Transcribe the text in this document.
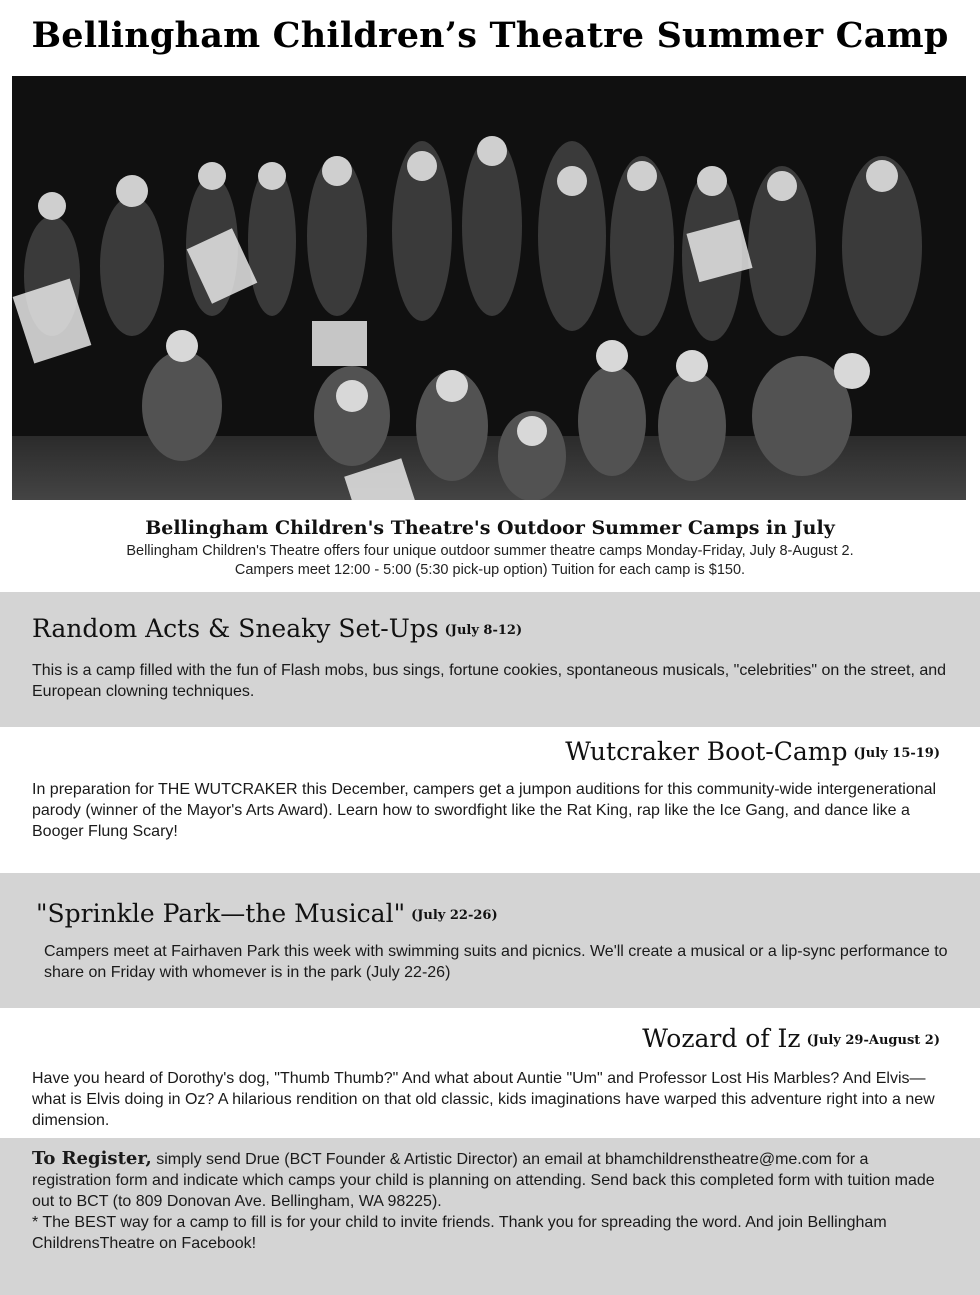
Bellingham Children’s Theatre Summer Camp

Bellingham Children's Theatre's Outdoor Summer Camps in July

Bellingham Children's Theatre offers four unique outdoor summer theatre camps Monday-Friday, July 8-August 2.

Campers meet 12:00 - 5:00 (5:30 pick-up option) Tuition for each camp is $150.

Random Acts & Sneaky Set-Ups (July 8-12)

This is a camp filled with the fun of Flash mobs, bus sings, fortune cookies, spontaneous musicals, "celebrities" on the street, and European clowning techniques.

Wutcraker Boot-Camp (July 15-19)

In preparation for THE WUTCRAKER this December, campers get a jumpon auditions for this community-wide intergenerational parody (winner of the Mayor's Arts Award). Learn how to swordfight like the Rat King, rap like the Ice Gang, and dance like a Booger Flung Scary!

"Sprinkle Park—the Musical" (July 22-26)

Campers meet at Fairhaven Park this week with swimming suits and picnics. We'll create a musical or a lip-sync performance to share on Friday with whomever is in the park (July 22-26)

Wozard of Iz (July 29-August 2)

Have you heard of Dorothy's dog, "Thumb Thumb?" And what about Auntie "Um" and Professor Lost His Marbles? And Elvis—what is Elvis doing in Oz? A hilarious rendition on that old classic, kids imaginations have warped this adventure right into a new dimension.

To Register, simply send Drue (BCT Founder & Artistic Director) an email at bhamchildrenstheatre@me.com for a registration form and indicate which camps your child is planning on attending. Send back this completed form with tuition made out to BCT (to 809 Donovan Ave. Bellingham, WA 98225).

* The BEST way for a camp to fill is for your child to invite friends. Thank you for spreading the word. And join Bellingham ChildrensTheatre on Facebook!
